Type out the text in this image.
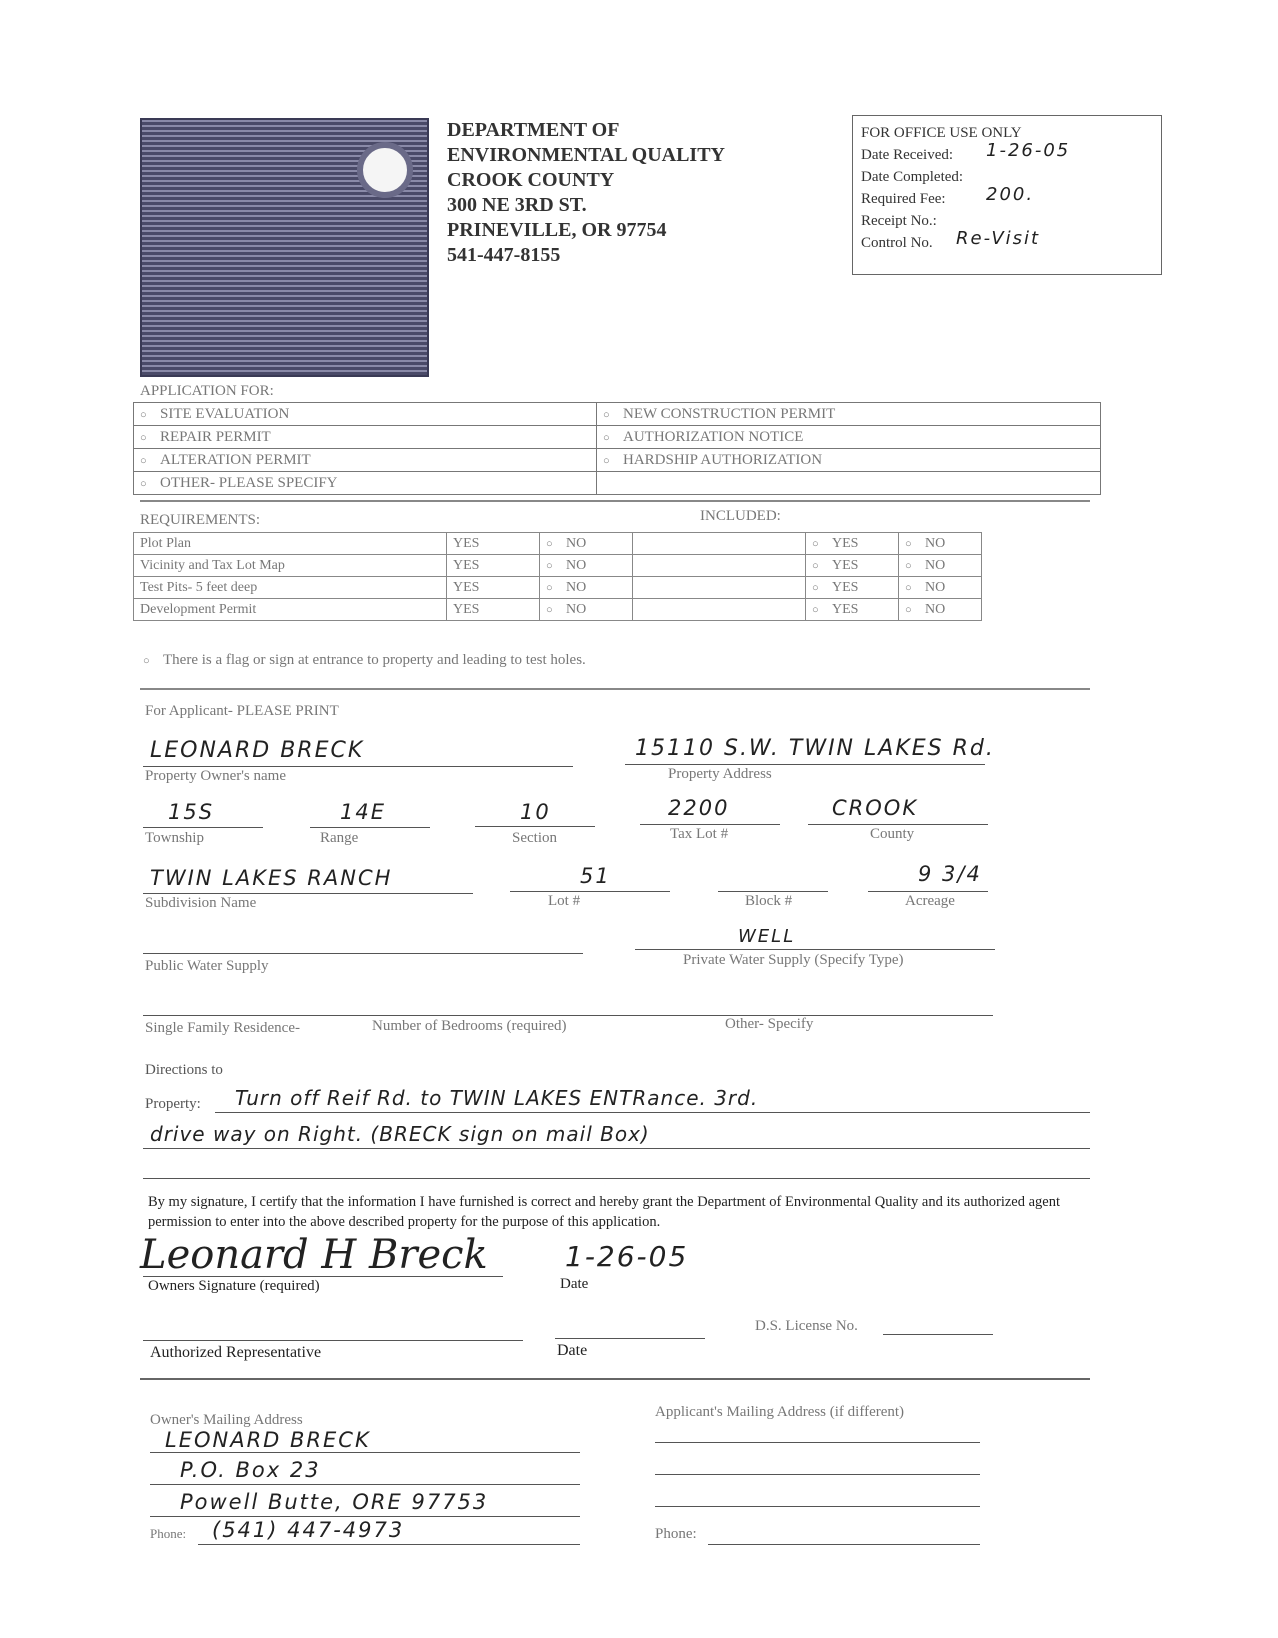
DEPARTMENT OF
ENVIRONMENTAL QUALITY
CROOK COUNTY
300 NE 3RD ST.
PRINEVILLE, OR 97754
541-447-8155
FOR OFFICE USE ONLY
Date Received: 1-26-05
Date Completed:
Required Fee: 200.
Receipt No.:
Control No. Re-Visit
APPLICATION FOR:
○ SITE EVALUATION	○ NEW CONSTRUCTION PERMIT
○ REPAIR PERMIT	○ AUTHORIZATION NOTICE
○ ALTERATION PERMIT	○ HARDSHIP AUTHORIZATION
○ OTHER- PLEASE SPECIFY	
REQUIREMENTS:	INCLUDED:
Plot Plan	YES	○ NO		○ YES	○ NO
Vicinity and Tax Lot Map	YES	○ NO		○ YES	○ NO
Test Pits- 5 feet deep	YES	○ NO		○ YES	○ NO
Development Permit	YES	○ NO		○ YES	○ NO
○ There is a flag or sign at entrance to property and leading to test holes.
For Applicant- PLEASE PRINT
LEONARD BRECK
Property Owner's name
15110 S.W. TWIN LAKES Rd.
Property Address
15S
Township
14E
Range
10
Section
2200
Tax Lot #
CROOK
County
TWIN LAKES RANCH
Subdivision Name
51
Lot #	Block #
9 3/4
Acreage
Public Water Supply
WELL
Private Water Supply (Specify Type)
Single Family Residence-	Number of Bedrooms (required)	Other- Specify
Directions to
Property: Turn off Reif Rd. to TWIN LAKES ENTRance. 3rd.
drive way on Right. (BRECK sign on mail Box)
By my signature, I certify that the information I have furnished is correct and hereby grant the Department of Environmental Quality and its authorized agent permission to enter into the above described property for the purpose of this application.
Leonard H Breck
Owners Signature (required)
1-26-05
Date
Authorized Representative	Date
D.S. License No.
Owner's Mailing Address
LEONARD BRECK
P.O. Box 23
Powell Butte, ORE 97753
Phone: (541) 447-4973
Applicant's Mailing Address (if different)
Phone:
